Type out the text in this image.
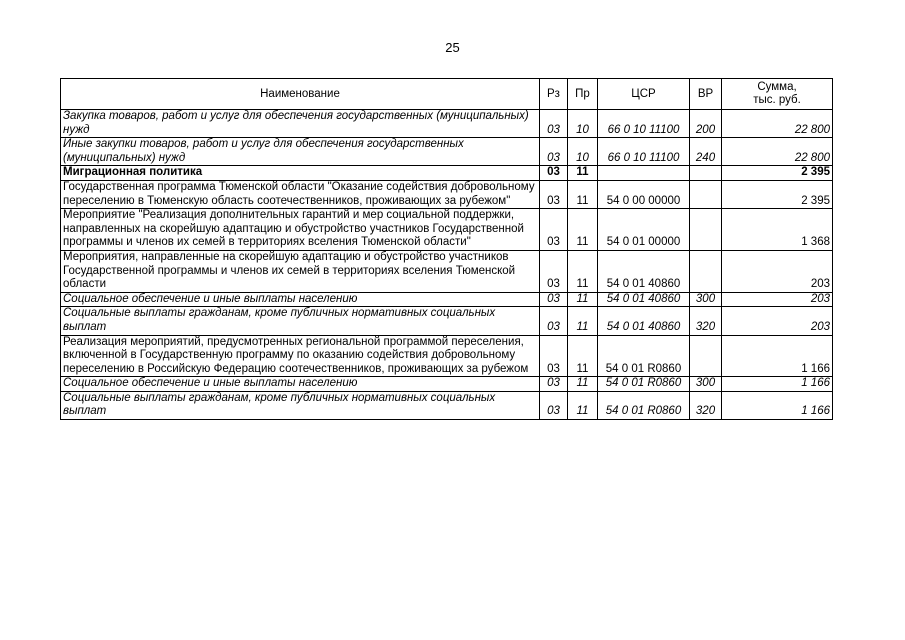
25
Наименование	Рз	Пр	ЦСР	ВР	Сумма,
тыс. руб.
Закупка товаров, работ и услуг для обеспечения государственных (муниципальных) нужд	03	10	66 0 10 11100	200	22 800
Иные закупки товаров, работ и услуг для обеспечения государственных (муниципальных) нужд	03	10	66 0 10 11100	240	22 800
Миграционная политика	03	11			2 395
Государственная программа Тюменской области "Оказание содействия добровольному переселению в Тюменскую область соотечественников, проживающих за рубежом"	03	11	54 0 00 00000		2 395
Мероприятие "Реализация дополнительных гарантий и мер социальной поддержки, направленных на скорейшую адаптацию и обустройство участников Государственной программы и членов их семей в территориях вселения Тюменской области"	03	11	54 0 01 00000		1 368
Мероприятия, направленные на скорейшую адаптацию и обустройство участников Государственной программы и членов их семей в территориях вселения Тюменской области	03	11	54 0 01 40860		203
Социальное обеспечение и иные выплаты населению	03	11	54 0 01 40860	300	203
Социальные выплаты гражданам, кроме публичных нормативных социальных выплат	03	11	54 0 01 40860	320	203
Реализация мероприятий, предусмотренных региональной программой переселения, включенной в Государственную программу по оказанию содействия добровольному переселению в Российскую Федерацию соотечественников, проживающих за рубежом	03	11	54 0 01 R0860		1 166
Социальное обеспечение и иные выплаты населению	03	11	54 0 01 R0860	300	1 166
Социальные выплаты гражданам, кроме публичных нормативных социальных выплат	03	11	54 0 01 R0860	320	1 166
